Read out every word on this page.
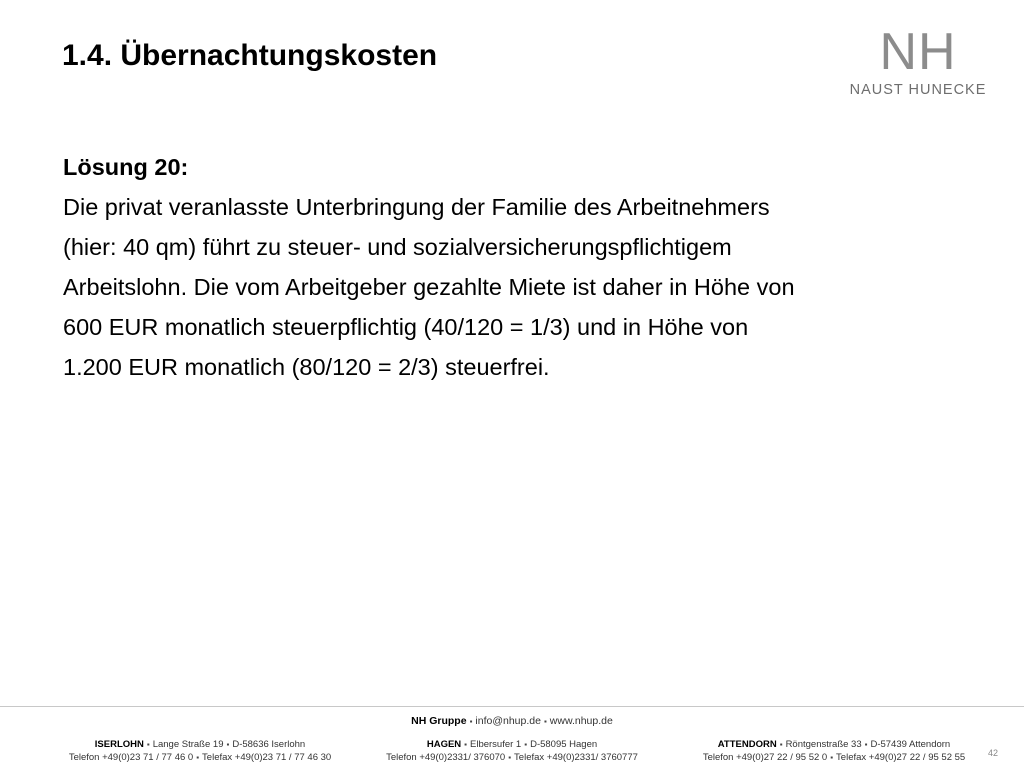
1.4. Übernachtungskosten	NH
NAUST HUNECKE

Lösung 20:

Die privat veranlasste Unterbringung der Familie des Arbeitnehmers

(hier: 40 qm) führt zu steuer- und sozialversicherungspflichtigem

Arbeitslohn. Die vom Arbeitgeber gezahlte Miete ist daher in Höhe von

600 EUR monatlich steuerpflichtig (40/120 = 1/3) und in Höhe von

1.200 EUR monatlich (80/120 = 2/3) steuerfrei.

NH Gruppe ▪ info@nhup.de ▪ www.nhup.de
ISERLOHN ▪ Lange Straße 19 ▪ D-58636 Iserlohn
Telefon +49(0)23 71 / 77 46 0 ▪ Telefax +49(0)23 71 / 77 46 30
HAGEN ▪ Elbersufer 1 ▪ D-58095 Hagen
Telefon +49(0)2331/ 376070 ▪ Telefax +49(0)2331/ 3760777
ATTENDORN ▪ Röntgenstraße 33 ▪ D-57439 Attendorn
Telefon +49(0)27 22 / 95 52 0 ▪ Telefax +49(0)27 22 / 95 52 55	42
